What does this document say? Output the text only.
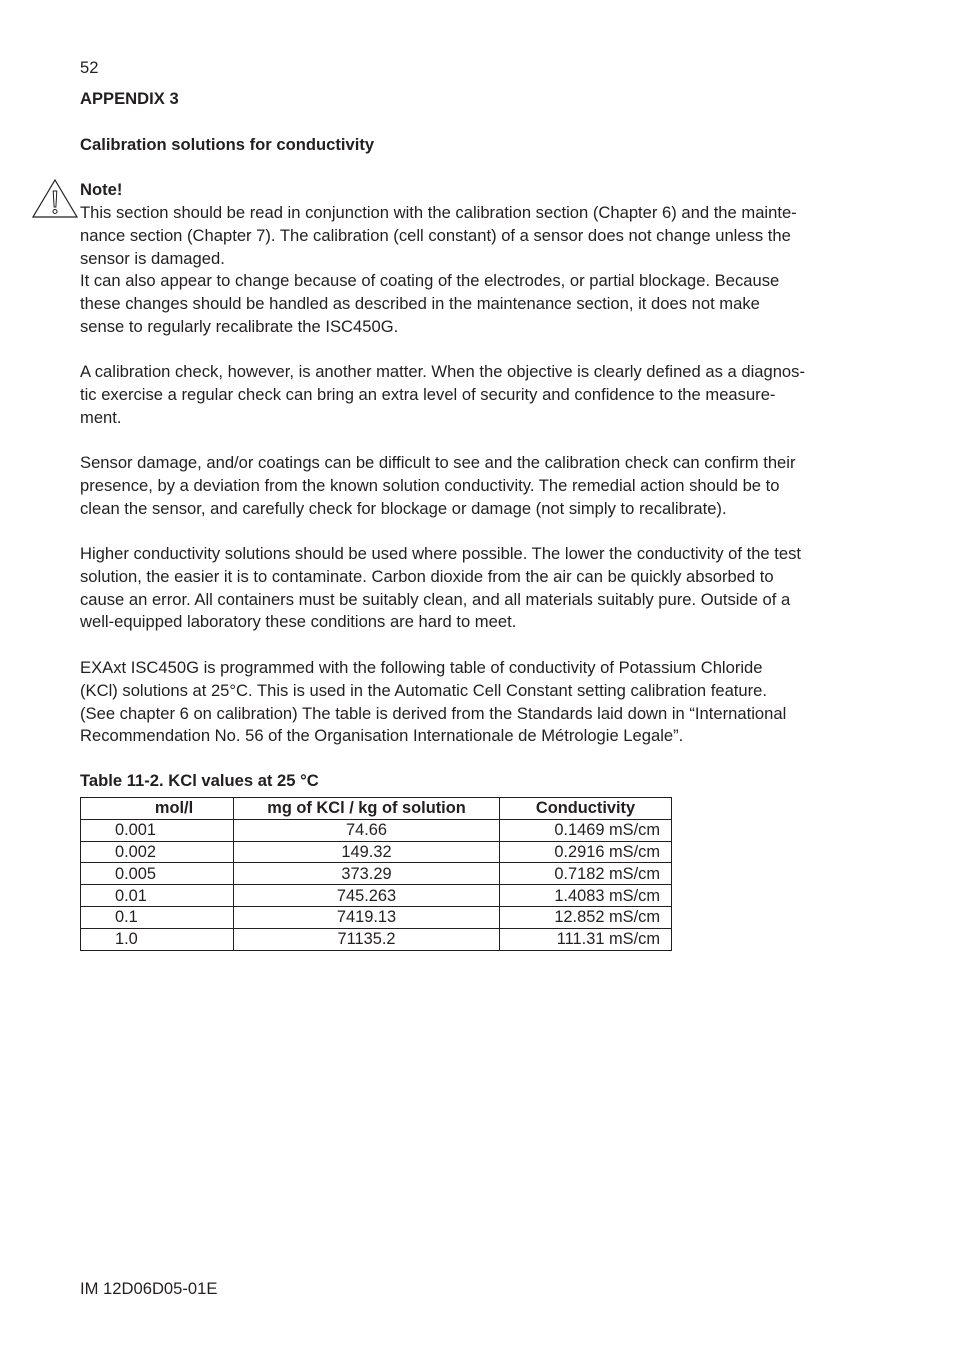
52
APPENDIX 3
Calibration solutions for conductivity
Note!

This section should be read in conjunction with the calibration section (Chapter 6) and the mainte-
nance section (Chapter 7). The calibration (cell constant) of a sensor does not change unless the
sensor is damaged.
It can also appear to change because of coating of the electrodes, or partial blockage. Because
these changes should be handled as described in the maintenance section, it does not make
sense to regularly recalibrate the ISC450G.

A calibration check, however, is another matter. When the objective is clearly defined as a diagnos-
tic exercise a regular check can bring an extra level of security and confidence to the measure-
ment.

Sensor damage, and/or coatings can be difficult to see and the calibration check can confirm their
presence, by a deviation from the known solution conductivity. The remedial action should be to
clean the sensor, and carefully check for blockage or damage (not simply to recalibrate).

Higher conductivity solutions should be used where possible. The lower the conductivity of the test
solution, the easier it is to contaminate. Carbon dioxide from the air can be quickly absorbed to
cause an error. All containers must be suitably clean, and all materials suitably pure. Outside of a
well-equipped laboratory these conditions are hard to meet.

EXAxt ISC450G is programmed with the following table of conductivity of Potassium Chloride
(KCl) solutions at 25°C. This is used in the Automatic Cell Constant setting calibration feature.
(See chapter 6 on calibration) The table is derived from the Standards laid down in “International
Recommendation No. 56 of the Organisation Internationale de Métrologie Legale”.

Table 11-2. KCl values at 25 °C
mol/l	mg of KCl / kg of solution	Conductivity
0.001	74.66	0.1469 mS/cm
0.002	149.32	0.2916 mS/cm
0.005	373.29	0.7182 mS/cm
0.01	745.263	1.4083 mS/cm
0.1	7419.13	12.852 mS/cm
1.0	71135.2	111.31 mS/cm
IM 12D06D05-01E
